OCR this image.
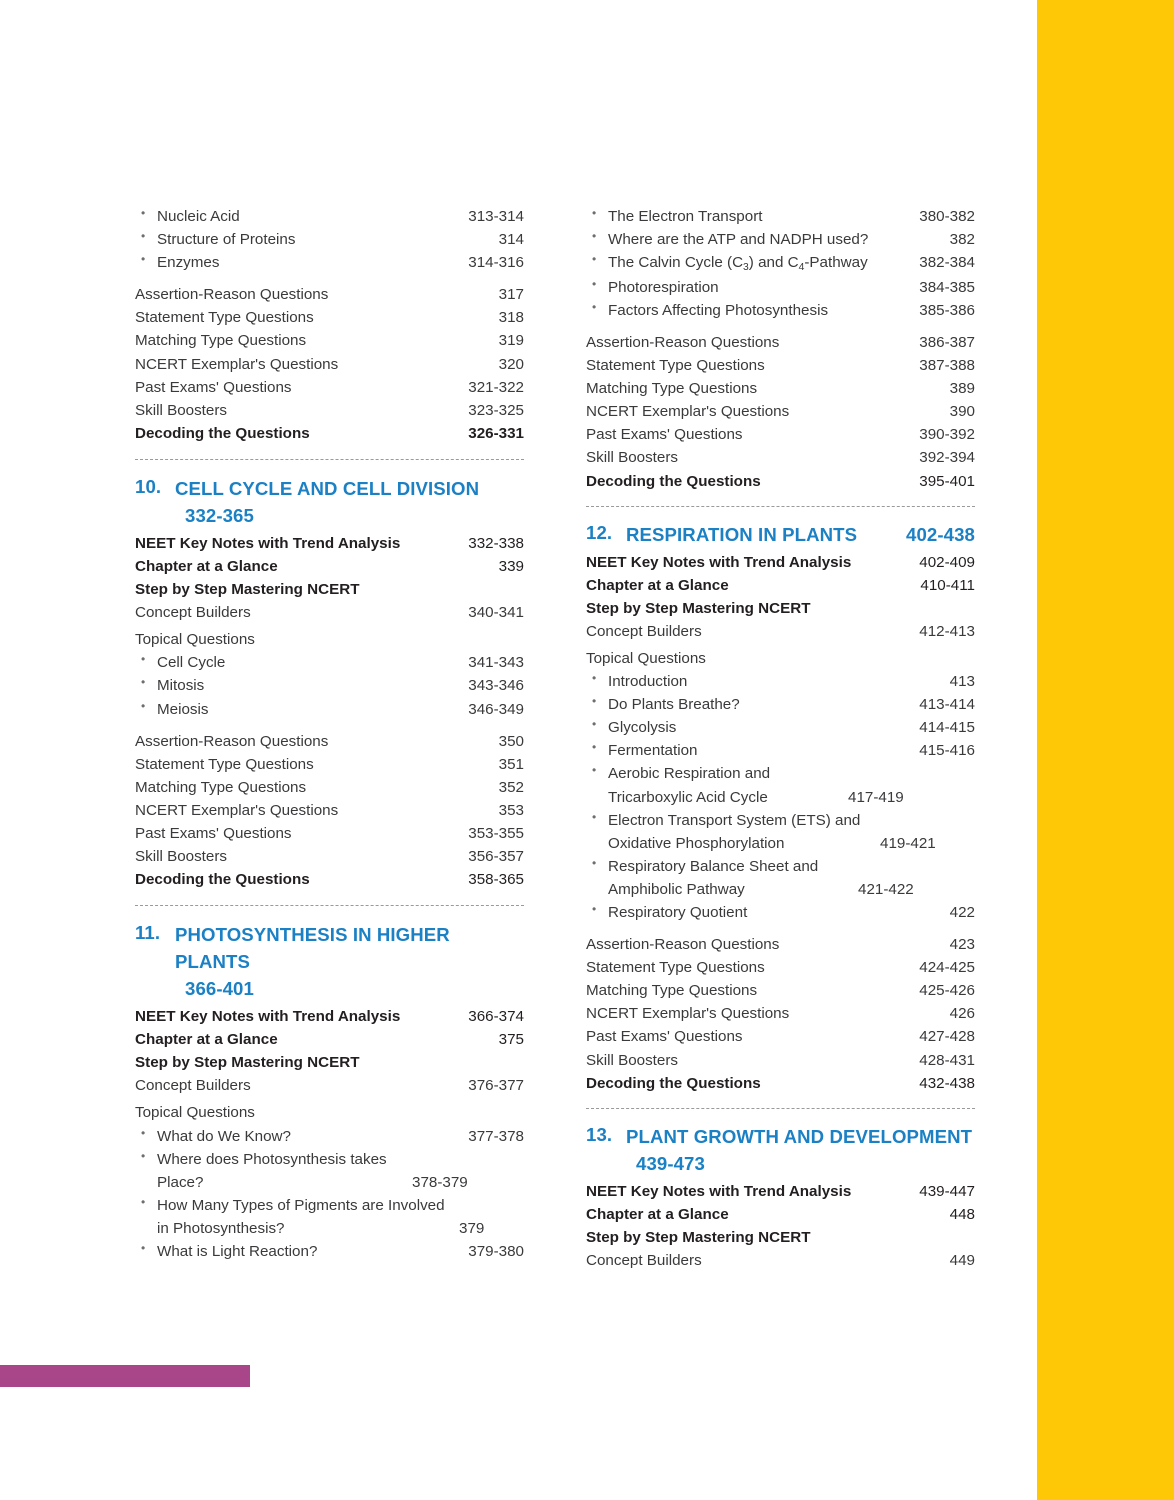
• Nucleic Acid	313-314
• Structure of Proteins	314
• Enzymes	314-316
Assertion-Reason Questions	317
Statement Type Questions	318
Matching Type Questions	319
NCERT Exemplar's Questions	320
Past Exams' Questions	321-322
Skill Boosters	323-325
Decoding the Questions	326-331
10. CELL CYCLE AND CELL DIVISION
332-365
NEET Key Notes with Trend Analysis	332-338
Chapter at a Glance	339
Step by Step Mastering NCERT
Concept Builders	340-341
Topical Questions
• Cell Cycle	341-343
• Mitosis	343-346
• Meiosis	346-349
Assertion-Reason Questions	350
Statement Type Questions	351
Matching Type Questions	352
NCERT Exemplar's Questions	353
Past Exams' Questions	353-355
Skill Boosters	356-357
Decoding the Questions	358-365
11. PHOTOSYNTHESIS IN HIGHER PLANTS
366-401
NEET Key Notes with Trend Analysis	366-374
Chapter at a Glance	375
Step by Step Mastering NCERT
Concept Builders	376-377
Topical Questions
• What do We Know?	377-378
• Where does Photosynthesis takes Place?	378-379
• How Many Types of Pigments are Involved in Photosynthesis?	379
• What is Light Reaction?	379-380
• The Electron Transport	380-382
• Where are the ATP and NADPH used?	382
• The Calvin Cycle $(C_3)$ and $C_4$-Pathway	382-384
• Photorespiration	384-385
• Factors Affecting Photosynthesis	385-386
Assertion-Reason Questions	386-387
Statement Type Questions	387-388
Matching Type Questions	389
NCERT Exemplar's Questions	390
Past Exams' Questions	390-392
Skill Boosters	392-394
Decoding the Questions	395-401
12. RESPIRATION IN PLANTS	402-438
NEET Key Notes with Trend Analysis	402-409
Chapter at a Glance	410-411
Step by Step Mastering NCERT
Concept Builders	412-413
Topical Questions
• Introduction	413
• Do Plants Breathe?	413-414
• Glycolysis	414-415
• Fermentation	415-416
• Aerobic Respiration and Tricarboxylic Acid Cycle	417-419
• Electron Transport System (ETS) and Oxidative Phosphorylation	419-421
• Respiratory Balance Sheet and Amphibolic Pathway	421-422
• Respiratory Quotient	422
Assertion-Reason Questions	423
Statement Type Questions	424-425
Matching Type Questions	425-426
NCERT Exemplar's Questions	426
Past Exams' Questions	427-428
Skill Boosters	428-431
Decoding the Questions	432-438
13. PLANT GROWTH AND DEVELOPMENT
439-473
NEET Key Notes with Trend Analysis	439-447
Chapter at a Glance	448
Step by Step Mastering NCERT
Concept Builders	449
